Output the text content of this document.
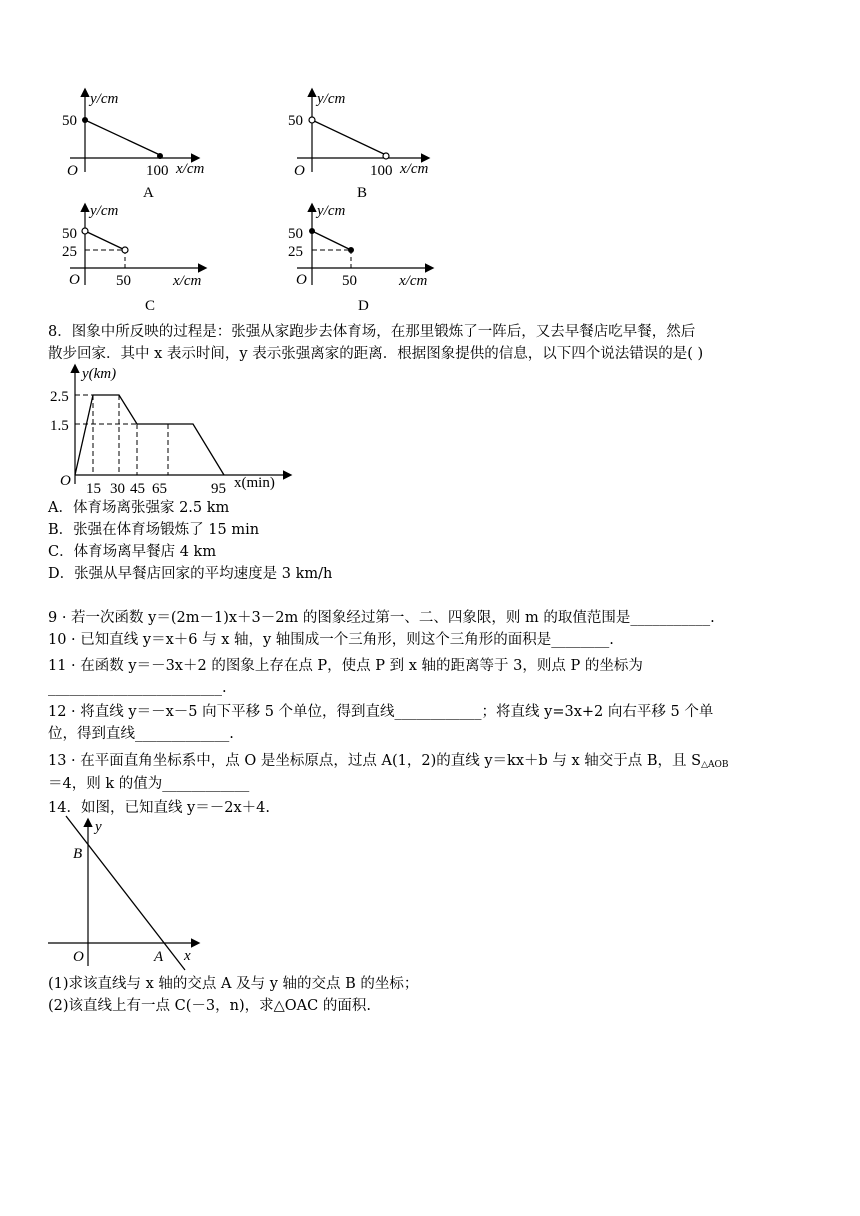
y/cm
50
O	100 x/cm
A
y/cm
50
O	100 x/cm
B
y/cm
50
25
O 50	x/cm
C
y/cm
50
25
O 50	x/cm
D
8．图象中所反映的过程是：张强从家跑步去体育场，在那里锻炼了一阵后，又去早餐店吃早餐，然后
散步回家．其中 x 表示时间，y 表示张强离家的距离．根据图象提供的信息，以下四个说法错误的是( )
y(km)
2.5
1.5
O 15 30 45 65	95 x(min)
A．体育场离张强家 2.5 km
B．张强在体育场锻炼了 15 min
C．体育场离早餐店 4 km
D．张强从早餐店回家的平均速度是 3 km/h
9 · 若一次函数 y＝(2m－1)x＋3－2m 的图象经过第一、二、四象限，则 m 的取值范围是___________.
10 · 已知直线 y＝x＋6 与 x 轴，y 轴围成一个三角形，则这个三角形的面积是________.
11 · 在函数 y＝－3x＋2 的图象上存在点 P，使点 P 到 x 轴的距离等于 3，则点 P 的坐标为
________________________.
12 · 将直线 y＝－x－5 向下平移 5 个单位，得到直线____________；将直线 y=3x+2 向右平移 5 个单
位，得到直线_____________.
13 · 在平面直角坐标系中，点 O 是坐标原点，过点 A(1，2)的直线 y＝kx＋b 与 x 轴交于点 B，且 S△AOB
＝4，则 k 的值为____________
14．如图，已知直线 y＝－2x＋4.
y
B
O	A x
(1)求该直线与 x 轴的交点 A 及与 y 轴的交点 B 的坐标；
(2)该直线上有一点 C(－3，n)，求△OAC 的面积.
